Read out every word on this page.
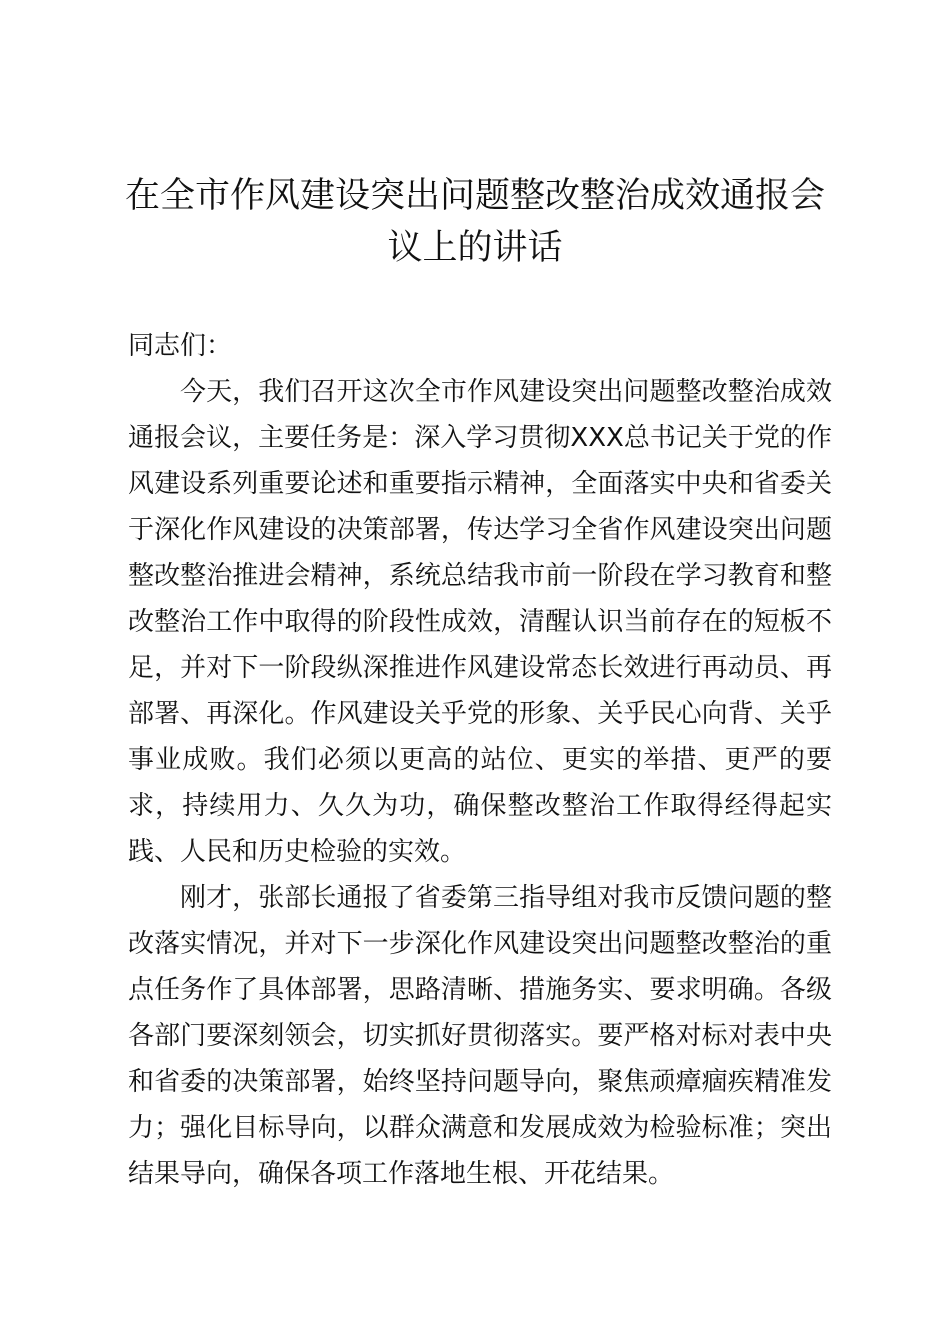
在全市作风建设突出问题整改整治成效通报会议上的讲话

同志们：

今天，我们召开这次全市作风建设突出问题整改整治成效通报会议，主要任务是：深入学习贯彻XXX总书记关于党的作风建设系列重要论述和重要指示精神，全面落实中央和省委关于深化作风建设的决策部署，传达学习全省作风建设突出问题整改整治推进会精神，系统总结我市前一阶段在学习教育和整改整治工作中取得的阶段性成效，清醒认识当前存在的短板不足，并对下一阶段纵深推进作风建设常态长效进行再动员、再部署、再深化。作风建设关乎党的形象、关乎民心向背、关乎事业成败。我们必须以更高的站位、更实的举措、更严的要求，持续用力、久久为功，确保整改整治工作取得经得起实践、人民和历史检验的实效。

刚才，张部长通报了省委第三指导组对我市反馈问题的整改落实情况，并对下一步深化作风建设突出问题整改整治的重点任务作了具体部署，思路清晰、措施务实、要求明确。各级各部门要深刻领会，切实抓好贯彻落实。要严格对标对表中央和省委的决策部署，始终坚持问题导向，聚焦顽瘴痼疾精准发力；强化目标导向，以群众满意和发展成效为检验标准；突出结果导向，确保各项工作落地生根、开花结果。
